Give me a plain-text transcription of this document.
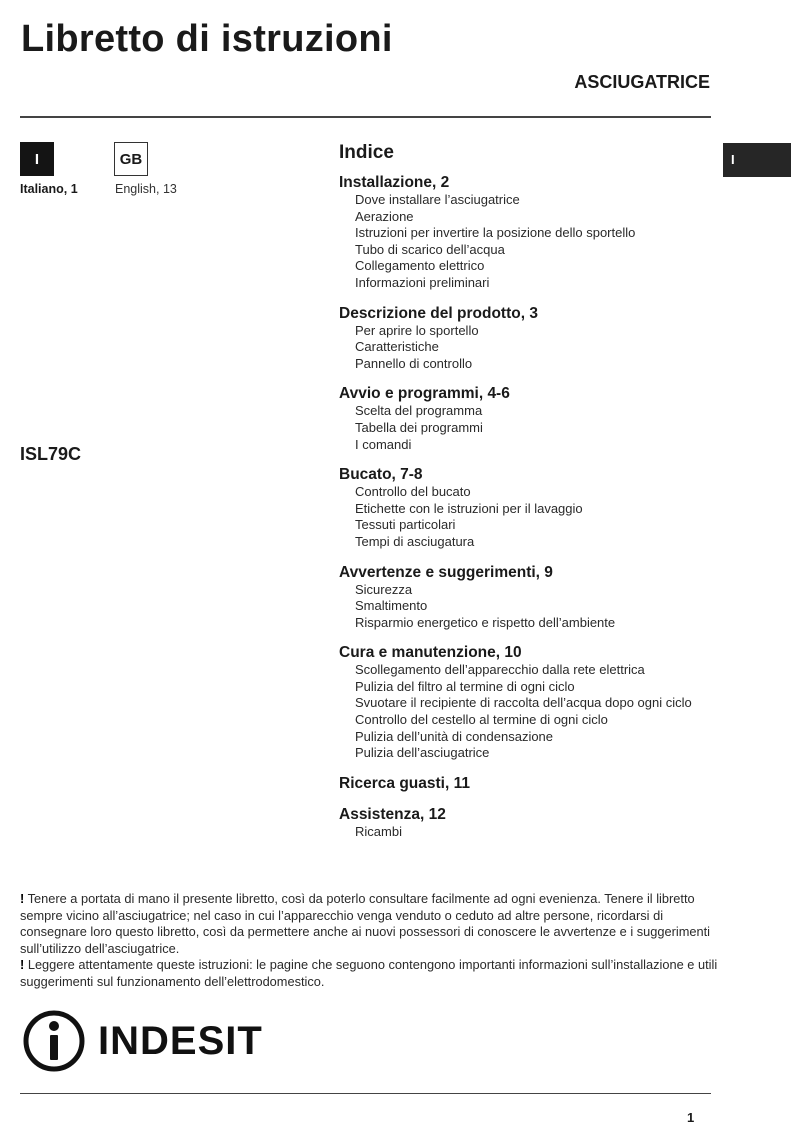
Libretto di istruzioni
ASCIUGATRICE
I	GB
Italiano, 1	English, 13
ISL79C
I
Indice
Installazione, 2
Dove installare l’asciugatrice
Aerazione
Istruzioni per invertire la posizione dello sportello
Tubo di scarico dell’acqua
Collegamento elettrico
Informazioni preliminari
Descrizione del prodotto, 3
Per aprire lo sportello
Caratteristiche
Pannello di controllo
Avvio e programmi, 4-6
Scelta del programma
Tabella dei programmi
I comandi
Bucato, 7-8
Controllo del bucato
Etichette con le istruzioni per il lavaggio
Tessuti particolari
Tempi di asciugatura
Avvertenze e suggerimenti, 9
Sicurezza
Smaltimento
Risparmio energetico e rispetto dell’ambiente
Cura e manutenzione, 10
Scollegamento dell’apparecchio dalla rete elettrica
Pulizia del filtro al termine di ogni ciclo
Svuotare il recipiente di raccolta dell’acqua dopo ogni ciclo
Controllo del cestello al termine di ogni ciclo
Pulizia dell’unità di condensazione
Pulizia dell’asciugatrice
Ricerca guasti, 11
Assistenza, 12
Ricambi

! Tenere a portata di mano il presente libretto, così da poterlo consultare facilmente ad ogni evenienza. Tenere il libretto sempre vicino all’asciugatrice; nel caso in cui l’apparecchio venga venduto o ceduto ad altre persone, ricordarsi di consegnare loro questo libretto, così da permettere anche ai nuovi possessori di conoscere le avvertenze e i suggerimenti sull’utilizzo dell’asciugatrice.

! Leggere attentamente queste istruzioni: le pagine che seguono contengono importanti informazioni sull’installazione e utili suggerimenti sul funzionamento dell’elettrodomestico.

INDESIT
1
